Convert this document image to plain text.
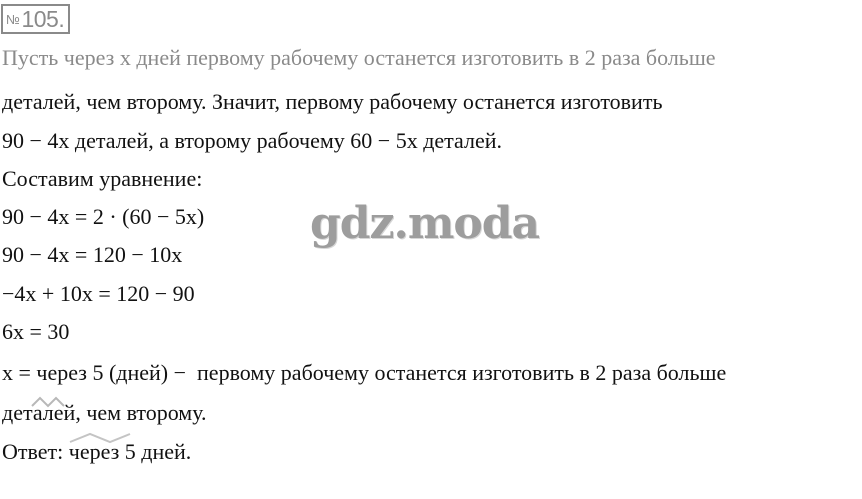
№ 105.
Пусть через x дней первому рабочему останется изготовить в 2 раза больше
деталей, чем второму. Значит, первому рабочему останется изготовить
90 − 4x деталей, а второму рабочему 60 − 5x деталей.
Составим уравнение:
90 − 4x = 2 · (60 − 5x)
90 − 4x = 120 − 10x
−4x + 10x = 120 − 90
6x = 30
x = через 5 (дней) −  первому рабочему останется изготовить в 2 раза больше
деталей, чем второму.
Ответ: через 5 дней.
gdz.moda
